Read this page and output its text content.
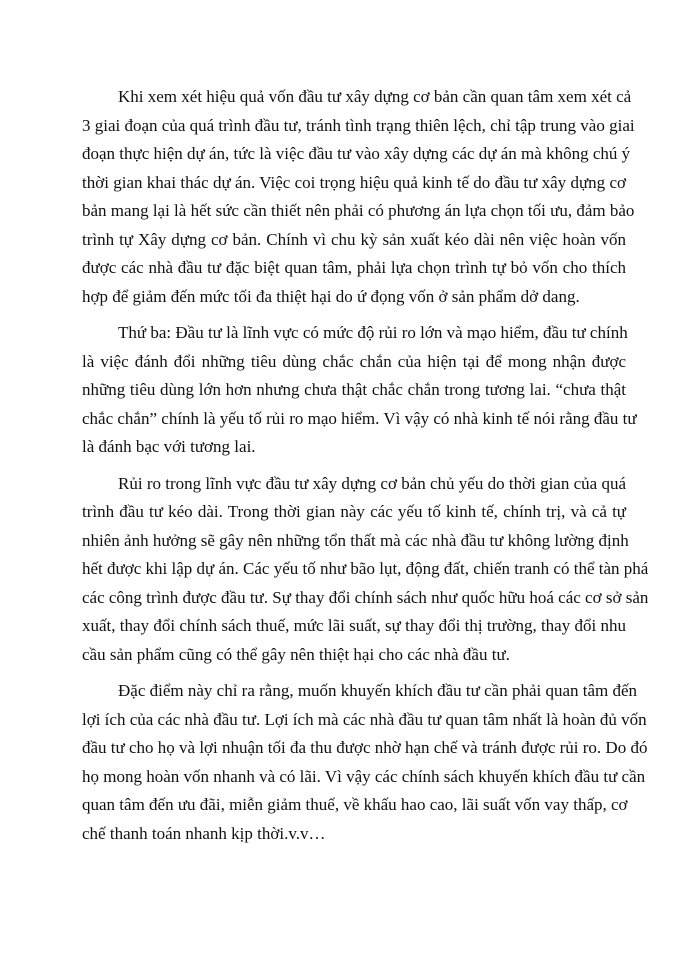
Khi xem xét hiệu quả vốn đầu tư xây dựng cơ bản cần quan tâm xem xét cả
3 giai đoạn của quá trình đầu tư, tránh tình trạng thiên lệch, chỉ tập trung vào giai
đoạn thực hiện dự án, tức là việc đầu tư vào xây dựng các dự án mà không chú ý
thời gian khai thác dự án. Việc coi trọng hiệu quả kinh tế do đầu tư xây dựng cơ
bản mang lại là hết sức cần thiết nên phải có phương án lựa chọn tối ưu, đảm bảo
trình tự Xây dựng cơ bản. Chính vì chu kỳ sản xuất kéo dài nên việc hoàn vốn
được các nhà đầu tư đặc biệt quan tâm, phải lựa chọn trình tự bỏ vốn cho thích
hợp để giảm đến mức tối đa thiệt hại do ứ đọng vốn ở sản phẩm dở dang.
Thứ ba: Đầu tư là lĩnh vực có mức độ rủi ro lớn và mạo hiểm, đầu tư chính
là việc đánh đổi những tiêu dùng chắc chắn của hiện tại để mong nhận được
những tiêu dùng lớn hơn nhưng chưa thật chắc chắn trong tương lai. “chưa thật
chắc chắn” chính là yếu tố rủi ro mạo hiểm. Vì vậy có nhà kinh tế nói rằng đầu tư
là đánh bạc với tương lai.
Rủi ro trong lĩnh vực đầu tư xây dựng cơ bản chủ yếu do thời gian của quá
trình đầu tư kéo dài. Trong thời gian này các yếu tố kinh tế, chính trị, và cả tự
nhiên ảnh hưởng sẽ gây nên những tổn thất mà các nhà đầu tư không lường định
hết được khi lập dự án. Các yếu tố như bão lụt, động đất, chiến tranh có thể tàn phá
các công trình được đầu tư. Sự thay đổi chính sách như quốc hữu hoá các cơ sở sản
xuất, thay đổi chính sách thuế, mức lãi suất, sự thay đổi thị trường, thay đổi nhu
cầu sản phẩm cũng có thể gây nên thiệt hại cho các nhà đầu tư.
Đặc điểm này chỉ ra rằng, muốn khuyến khích đầu tư cần phải quan tâm đến
lợi ích của các nhà đầu tư. Lợi ích mà các nhà đầu tư quan tâm nhất là hoàn đủ vốn
đầu tư cho họ và lợi nhuận tối đa thu được nhờ hạn chế và tránh được rủi ro. Do đó
họ mong hoàn vốn nhanh và có lãi. Vì vậy các chính sách khuyến khích đầu tư cần
quan tâm đến ưu đãi, miễn giảm thuế, về khấu hao cao, lãi suất vốn vay thấp, cơ
chế thanh toán nhanh kịp thời.v.v…
